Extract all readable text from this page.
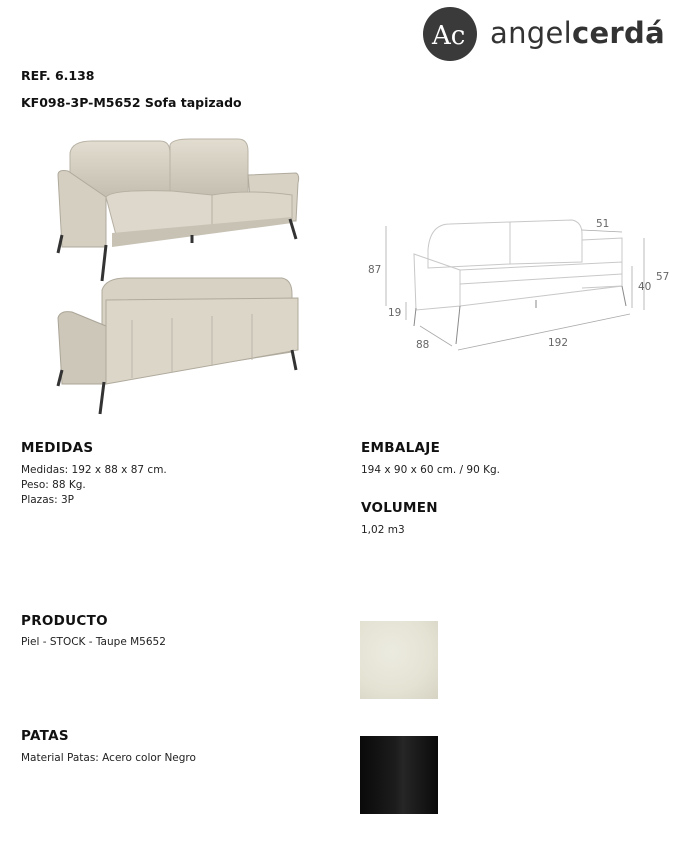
Ac angelcerdá
REF. 6.138
KF098-3P-M5652 Sofa tapizado
87
19
88	192
51
57
40
MEDIDAS
Medidas: 192 x 88 x 87 cm.
Peso: 88 Kg.
Plazas: 3P
EMBALAJE
194 x 90 x 60 cm. / 90 Kg.
VOLUMEN
1,02 m3
PRODUCTO
Piel - STOCK - Taupe M5652
PATAS
Material Patas: Acero color Negro
